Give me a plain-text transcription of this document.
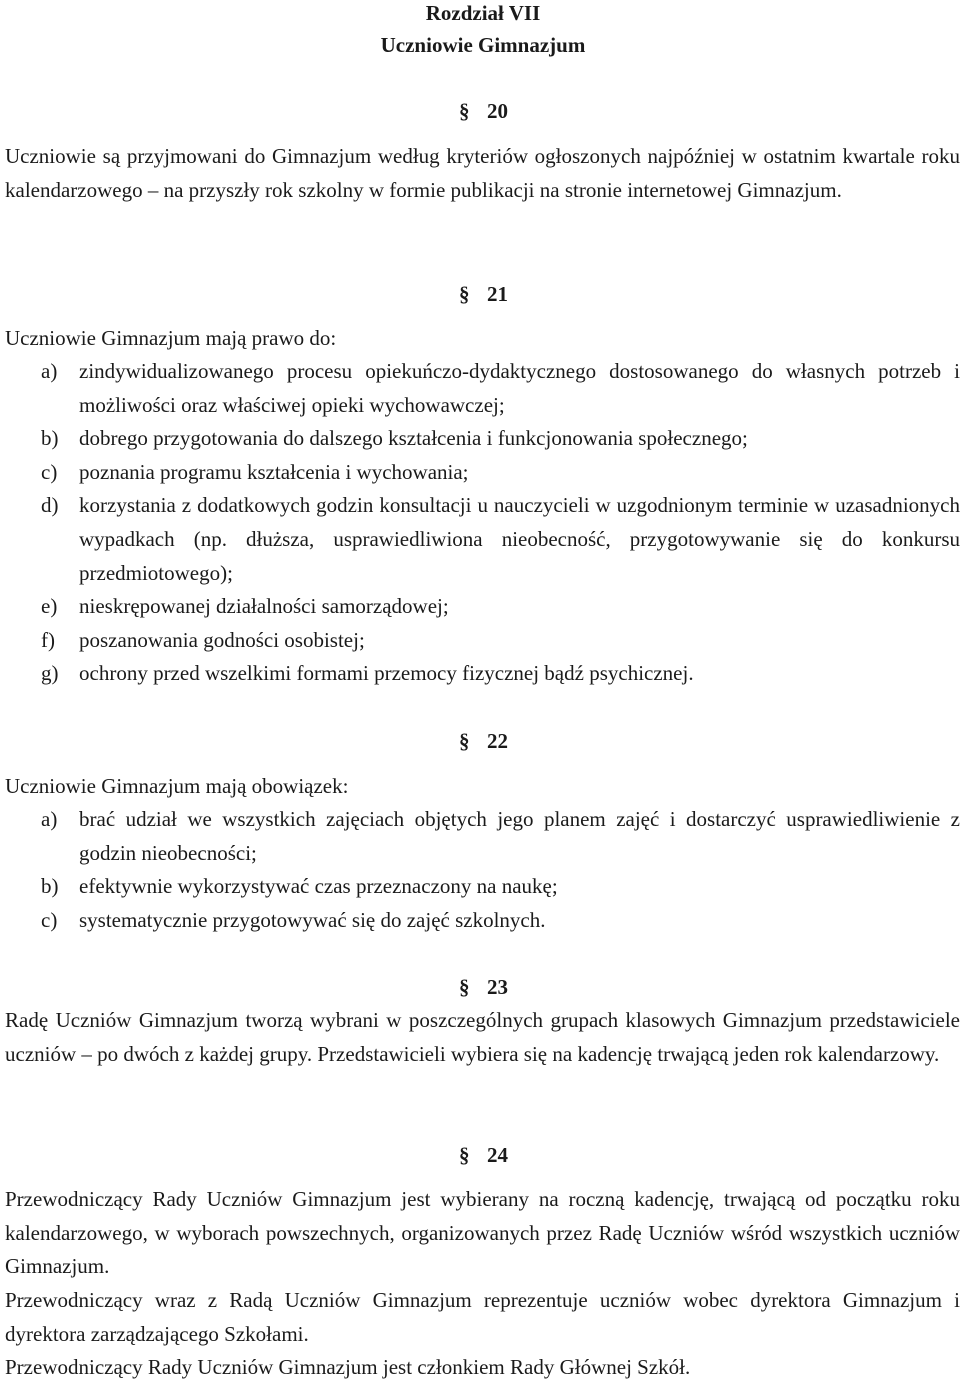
Rozdział VII
Uczniowie Gimnazjum
§ 20

Uczniowie są przyjmowani do Gimnazjum według kryteriów ogłoszonych najpóźniej w ostatnim kwartale roku kalendarzowego – na przyszły rok szkolny w formie publikacji na stronie internetowej Gimnazjum.

§ 21

Uczniowie Gimnazjum mają prawo do:

a) zindywidualizowanego procesu opiekuńczo-dydaktycznego dostosowanego do własnych potrzeb i możliwości oraz właściwej opieki wychowawczej;
b) dobrego przygotowania do dalszego kształcenia i funkcjonowania społecznego;
c) poznania programu kształcenia i wychowania;
d) korzystania z dodatkowych godzin konsultacji u nauczycieli w uzgodnionym terminie w uzasadnionych wypadkach (np. dłuższa, usprawiedliwiona nieobecność, przygotowywanie się do konkursu przedmiotowego);
e) nieskrępowanej działalności samorządowej;
f) poszanowania godności osobistej;
g) ochrony przed wszelkimi formami przemocy fizycznej bądź psychicznej.
§ 22

Uczniowie Gimnazjum mają obowiązek:

a) brać udział we wszystkich zajęciach objętych jego planem zajęć i dostarczyć usprawiedliwienie z godzin nieobecności;
b) efektywnie wykorzystywać czas przeznaczony na naukę;
c) systematycznie przygotowywać się do zajęć szkolnych.
§ 23

Radę Uczniów Gimnazjum tworzą wybrani w poszczególnych grupach klasowych Gimnazjum przedstawiciele uczniów – po dwóch z każdej grupy. Przedstawicieli wybiera się na kadencję trwającą jeden rok kalendarzowy.

§ 24

Przewodniczący Rady Uczniów Gimnazjum jest wybierany na roczną kadencję, trwającą od początku roku kalendarzowego, w wyborach powszechnych, organizowanych przez Radę Uczniów wśród wszystkich uczniów Gimnazjum.

Przewodniczący wraz z Radą Uczniów Gimnazjum reprezentuje uczniów wobec dyrektora Gimnazjum i dyrektora zarządzającego Szkołami.

Przewodniczący Rady Uczniów Gimnazjum jest członkiem Rady Głównej Szkół.
